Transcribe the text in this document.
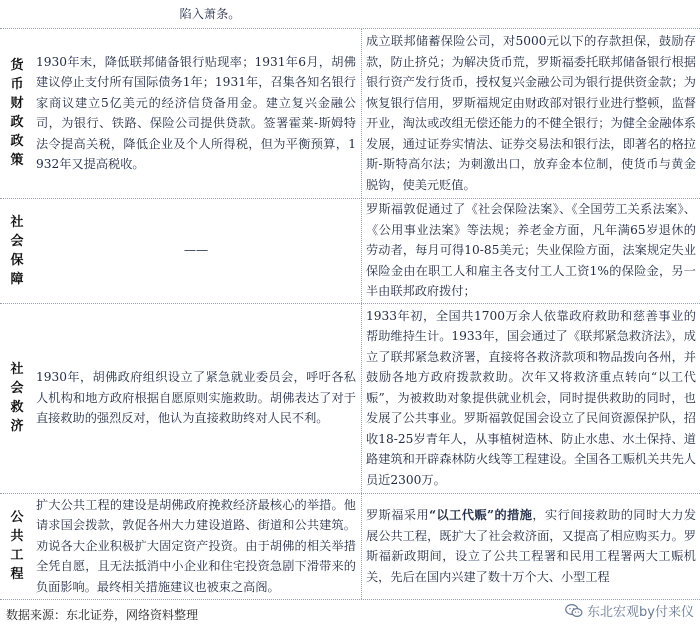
陷入萧条。
货币财政政策
1930年末，降低联邦储备银行贴现率；1931年6月，胡佛建议停止支付所有国际债务1年；1931年，召集各知名银行家商议建立5亿美元的经济信贷备用金。建立复兴金融公司，为银行、铁路、保险公司提供贷款。签署霍莱-斯姆特法令提高关税，降低企业及个人所得税，但为平衡预算，1932年又提高税收。
成立联邦储蓄保险公司，对5000元以下的存款担保，鼓励存款，防止挤兑；为解决货币荒，罗斯福委托联邦储备银行根据银行资产发行货币，授权复兴金融公司为银行提供资金款；为恢复银行信用，罗斯福规定由财政部对银行业进行整顿，监督开业，淘汰或改组无偿还能力的不健全银行；为健全金融体系发展，通过证券实情法、证券交易法和银行法，即著名的格拉斯-斯特高尔法；为刺激出口，放弃金本位制，使货币与黄金脱钩，使美元贬值。
社会保障
——
罗斯福敦促通过了《社会保险法案》、《全国劳工关系法案》、《公用事业法案》等法规；养老金方面，凡年满65岁退休的劳动者，每月可得10-85美元；失业保险方面，法案规定失业保险金由在职工人和雇主各支付工人工资1%的保险金，另一半由联邦政府拨付；
社会救济
1930年，胡佛政府组织设立了紧急就业委员会，呼吁各私人机构和地方政府根据自愿原则实施救助。胡佛表达了对于直接救助的强烈反对，他认为直接救助终对人民不利。
1933年初，全国共1700万余人依靠政府救助和慈善事业的帮助维持生计。1933年，国会通过了《联邦紧急救济法》，成立了联邦紧急救济署，直接将各救济款项和物品拨向各州，并鼓励各地方政府拨款救助。次年又将救济重点转向“以工代赈”，为被救助对象提供就业机会，同时提供救助的同时，也发展了公共事业。罗斯福敦促国会设立了民间资源保护队，招收18-25岁青年人，从事植树造林、防止水患、水土保持、道路建筑和开辟森林防火线等工程建设。全国各工赈机关共先人员近2300万。
公共工程
扩大公共工程的建设是胡佛政府挽救经济最核心的举措。他请求国会拨款，敦促各州大力建设道路、街道和公共建筑。劝说各大企业积极扩大固定资产投资。由于胡佛的相关举措全凭自愿，且无法抵消中小企业和住宅投资急剧下滑带来的负面影响。最终相关措施建议也被束之高阁。
罗斯福采用“以工代赈”的措施，实行间接救助的同时大力发展公共工程，既扩大了社会救济面，又提高了相应购买力。罗斯福新政期间，设立了公共工程署和民用工程署两大工赈机关，先后在国内兴建了数十万个大、小型工程
数据来源：东北证券，网络资料整理	东北宏观by付来仪
